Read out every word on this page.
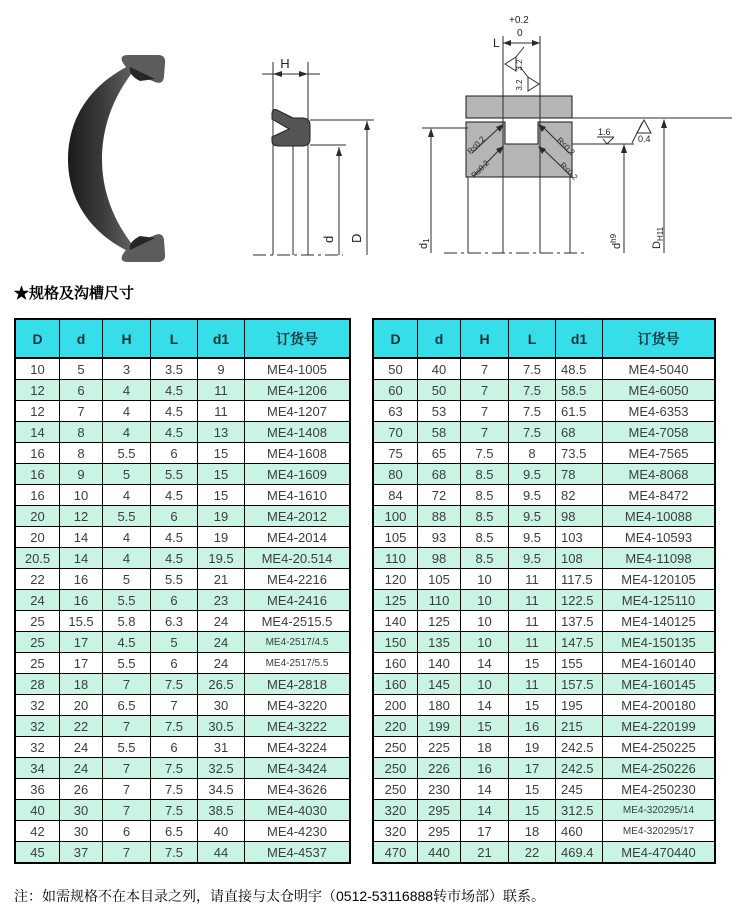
H
d D
L
+0.2
0
3.2
3.2
R≤0.2
R≤0.2
R≤0.2
R≤0.2
1.6
0.4
d1
$d^{h9}$
$D_{H11}$
★规格及沟槽尺寸
D	d	H	L	d1	订货号
10	5	3	3.5	9	ME4-1005
12	6	4	4.5	11	ME4-1206
12	7	4	4.5	11	ME4-1207
14	8	4	4.5	13	ME4-1408
16	8	5.5	6	15	ME4-1608
16	9	5	5.5	15	ME4-1609
16	10	4	4.5	15	ME4-1610
20	12	5.5	6	19	ME4-2012
20	14	4	4.5	19	ME4-2014
20.5	14	4	4.5	19.5	ME4-20.514
22	16	5	5.5	21	ME4-2216
24	16	5.5	6	23	ME4-2416
25	15.5	5.8	6.3	24	ME4-2515.5
25	17	4.5	5	24	ME4-2517/4.5
25	17	5.5	6	24	ME4-2517/5.5
28	18	7	7.5	26.5	ME4-2818
32	20	6.5	7	30	ME4-3220
32	22	7	7.5	30.5	ME4-3222
32	24	5.5	6	31	ME4-3224
34	24	7	7.5	32.5	ME4-3424
36	26	7	7.5	34.5	ME4-3626
40	30	7	7.5	38.5	ME4-4030
42	30	6	6.5	40	ME4-4230
45	37	7	7.5	44	ME4-4537
D	d	H	L	d1	订货号
50	40	7	7.5	48.5	ME4-5040
60	50	7	7.5	58.5	ME4-6050
63	53	7	7.5	61.5	ME4-6353
70	58	7	7.5	68	ME4-7058
75	65	7.5	8	73.5	ME4-7565
80	68	8.5	9.5	78	ME4-8068
84	72	8.5	9.5	82	ME4-8472
100	88	8.5	9.5	98	ME4-10088
105	93	8.5	9.5	103	ME4-10593
110	98	8.5	9.5	108	ME4-11098
120	105	10	11	117.5	ME4-120105
125	110	10	11	122.5	ME4-125110
140	125	10	11	137.5	ME4-140125
150	135	10	11	147.5	ME4-150135
160	140	14	15	155	ME4-160140
160	145	10	11	157.5	ME4-160145
200	180	14	15	195	ME4-200180
220	199	15	16	215	ME4-220199
250	225	18	19	242.5	ME4-250225
250	226	16	17	242.5	ME4-250226
250	230	14	15	245	ME4-250230
320	295	14	15	312.5	ME4-320295/14
320	295	17	18	460	ME4-320295/17
470	440	21	22	469.4	ME4-470440
注：如需规格不在本目录之列，请直接与太仓明宇（0512-53116888转市场部）联系。
